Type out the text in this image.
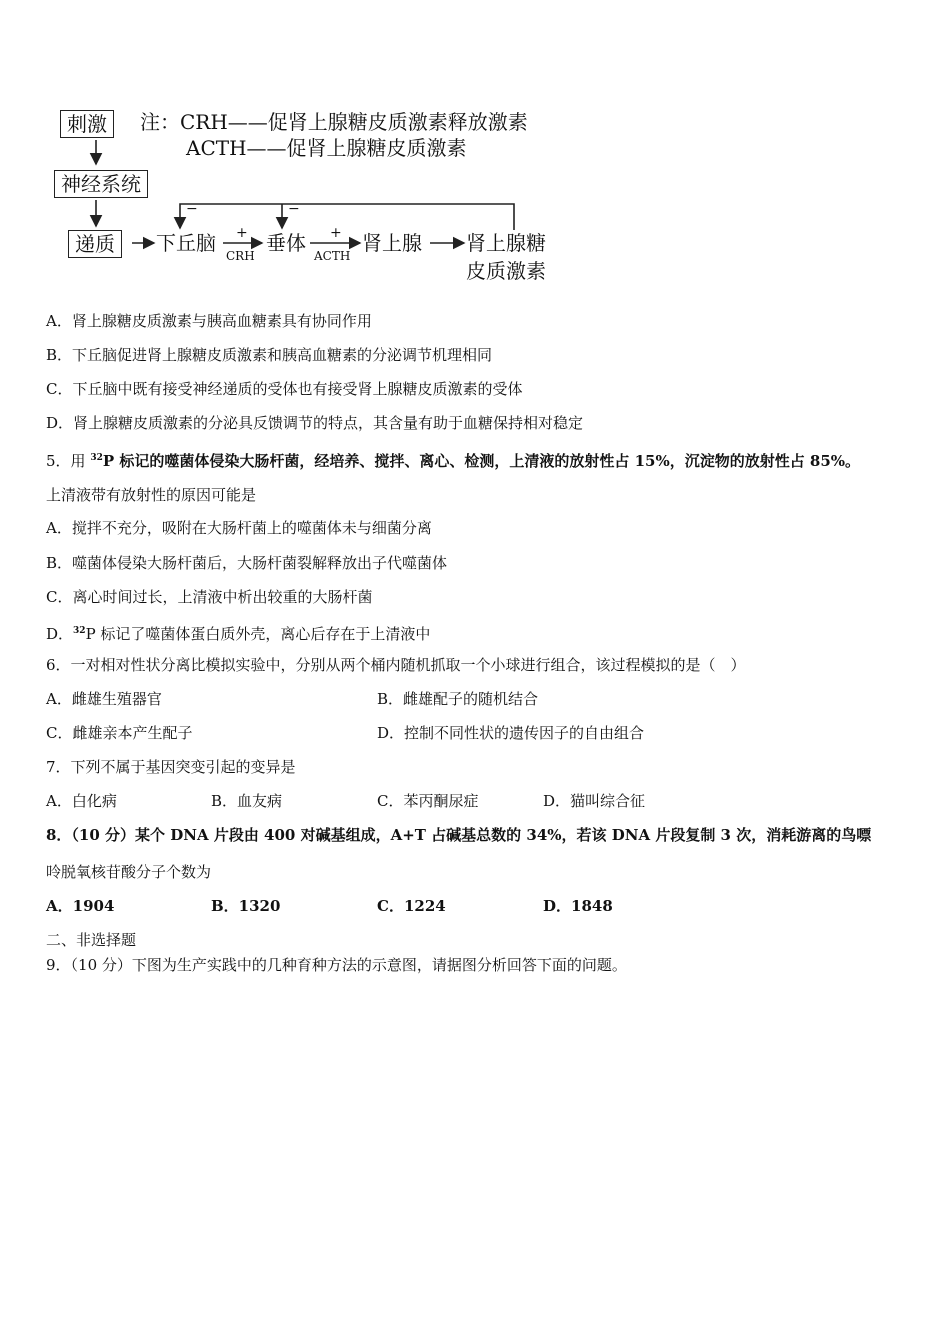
刺激
神经系统
递质	下丘脑	垂体	肾上腺 肾上腺糖
皮质激素
+
CRH
+
ACTH
−	−
注：CRH——促肾上腺糖皮质激素释放激素
ACTH——促肾上腺糖皮质激素
A．肾上腺糖皮质激素与胰高血糖素具有协同作用
B．下丘脑促进肾上腺糖皮质激素和胰高血糖素的分泌调节机理相同
C．下丘脑中既有接受神经递质的受体也有接受肾上腺糖皮质激素的受体
D．肾上腺糖皮质激素的分泌具反馈调节的特点，其含量有助于血糖保持相对稳定
5．用 $^{32}$P 标记的噬菌体侵染大肠杆菌，经培养、搅拌、离心、检测，上清液的放射性占 15%，沉淀物的放射性占 85%。
上清液带有放射性的原因可能是
A．搅拌不充分，吸附在大肠杆菌上的噬菌体未与细菌分离
B．噬菌体侵染大肠杆菌后，大肠杆菌裂解释放出子代噬菌体
C．离心时间过长，上清液中析出较重的大肠杆菌
D．$^{32}$P 标记了噬菌体蛋白质外壳，离心后存在于上清液中
6．一对相对性状分离比模拟实验中，分别从两个桶内随机抓取一个小球进行组合，该过程模拟的是（　）
A．雌雄生殖器官	B．雌雄配子的随机结合
C．雌雄亲本产生配子	D．控制不同性状的遗传因子的自由组合
7．下列不属于基因突变引起的变异是
A．白化病	B．血友病	C．苯丙酮尿症	D．猫叫综合征
8．（10 分）某个 DNA 片段由 400 对碱基组成，A+T 占碱基总数的 34%，若该 DNA 片段复制 3 次，消耗游离的鸟嘌
呤脱氧核苷酸分子个数为
A．1904	B．1320	C．1224	D．1848
二、非选择题
9．（10 分）下图为生产实践中的几种育种方法的示意图，请据图分析回答下面的问题。
